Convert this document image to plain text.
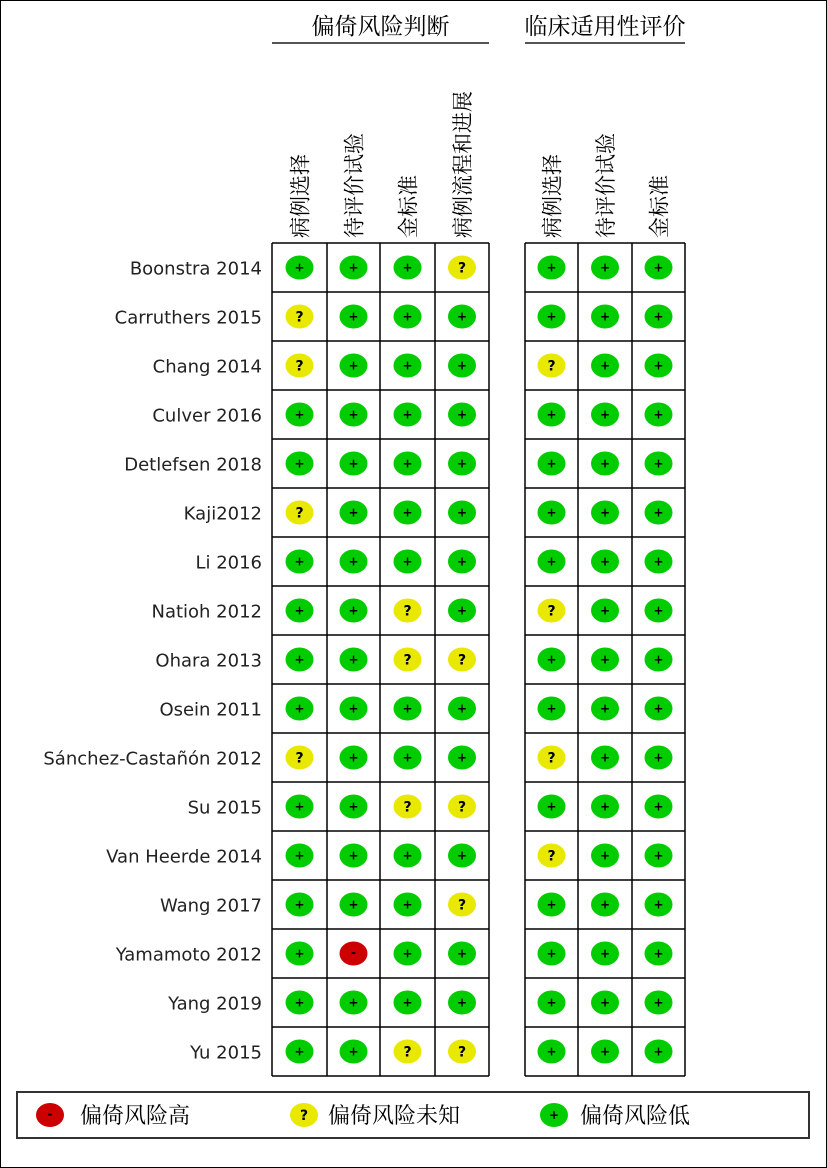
偏倚风险判断
病例选择 待评价试验 金标准 病例流程和进展
临床适用性评价
病例选择 待评价试验 金标准
Boonstra 2014	+	+	+	?	+	+	+
Carruthers 2015 ?	+	+	+	+	+	+
Chang 2014 ?	+	+	+	?	+	+
Culver 2016	+	+	+	+	+	+	+
Detlefsen 2018	+	+	+	+	+	+	+
Kaji2012 ?	+	+	+	+	+	+
Li 2016	+	+	+	+	+	+	+
Natioh 2012	+	+	?	+	?	+	+
Ohara 2013	+	+	?	?	+	+	+
Osein 2011	+	+	+	+	+	+	+
Sánchez-Castañón 2012 ?	+	+	+	?	+	+
Su 2015	+	+	?	?	+	+	+
Van Heerde 2014	+	+	+	+	?	+	+
Wang 2017	+	+	+	?	+	+	+
Yamamoto 2012	+	-	+	+	+	+	+
Yang 2019	+	+	+	+	+	+	+
Yu 2015	+	+	?	?	+	+	+
- 偏倚风险高	? 偏倚风险未知	+ 偏倚风险低
